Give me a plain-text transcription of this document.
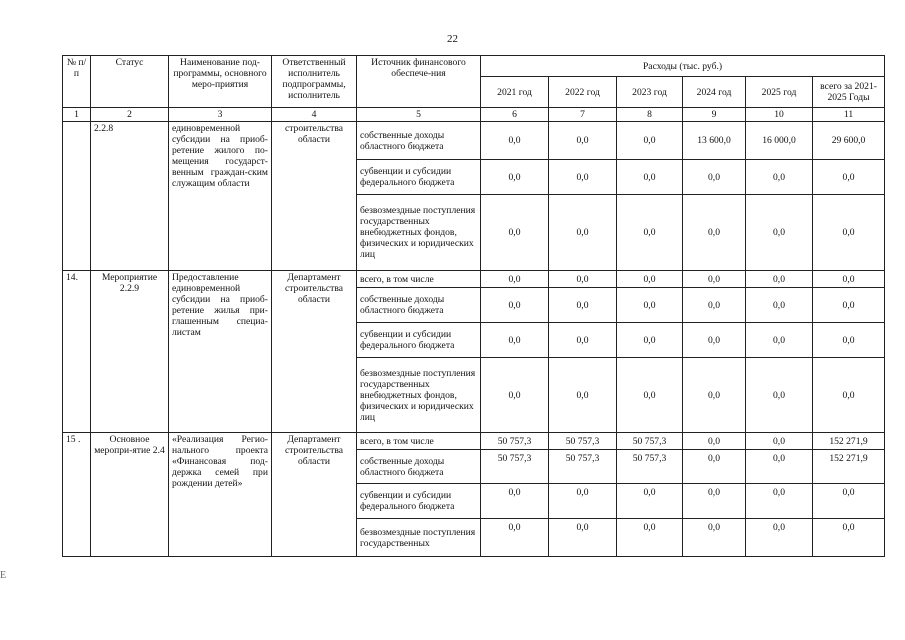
22
№ п/п	Статус	Наименование под-программы, основного меро-приятия	Ответственный исполнитель подпрограммы, исполнитель	Источник финансового обеспече-ния	Расходы (тыс. руб.)					
					2021 год	2022 год	2023 год	2024 год	2025 год	всего за 2021-2025 Годы
1	2	3	4	5	6	7	8	9	10	11
	2.2.8	единовременной субсидии на приоб-ретение жилого по-мещения государст-венным граждан-ским служащим области	строительства области	собственные доходы областного бюджета	0,0	0,0	0,0	13 600,0	16 000,0	29 600,0
				субвенции и субсидии федерального бюджета	0,0	0,0	0,0	0,0	0,0	0,0
				безвозмездные поступления государственных внебюджетных фондов, физических и юридических лиц	0,0	0,0	0,0	0,0	0,0	0,0
14.	Мероприятие 2.2.9	Предоставление единовременной субсидии на приоб-ретение жилья при-глашенным специа-листам	Департамент строительства области	всего, в том числе	0,0	0,0	0,0	0,0	0,0	0,0
				собственные доходы областного бюджета	0,0	0,0	0,0	0,0	0,0	0,0
				субвенции и субсидии федерального бюджета	0,0	0,0	0,0	0,0	0,0	0,0
				безвозмездные поступления государственных внебюджетных фондов, физических и юридических лиц	0,0	0,0	0,0	0,0	0,0	0,0
15 .	Основное меропри-ятие 2.4	«Реализация Регио-нального проекта «Финансовая под-держка семей при рождении детей»	Департамент строительства области	всего, в том числе	50 757,3	50 757,3	50 757,3	0,0	0,0	152 271,9
				собственные доходы областного бюджета	50 757,3	50 757,3	50 757,3	0,0	0,0	152 271,9
				субвенции и субсидии федерального бюджета	0,0	0,0	0,0	0,0	0,0	0,0
				безвозмездные поступления государственных	0,0	0,0	0,0	0,0	0,0	0,0
E
